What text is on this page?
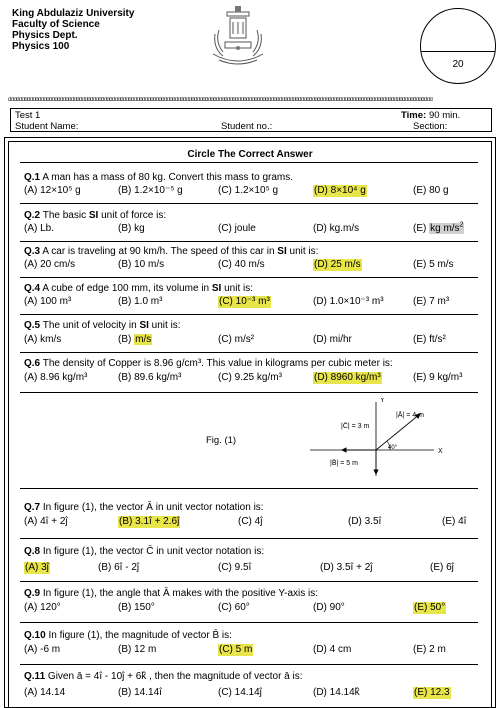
King Abdulaziz University
Faculty of Science
Physics Dept.
Physics 100
20
ddddddddddddddddddddddddddddddddddddddddddddddddddddddddddddddddddddddddddddddddddddddddddddddddddddddddddddddddddddddddddddddddddddddddddddddddddddddddddd
Test 1	Time: 90 min.
Student Name:	Student no.:	Section:
Circle The Correct Answer
Q.1 A man has a mass of 80 kg. Convert this mass to grams.
(A) 12×10⁵ g	(B) 1.2×10⁻⁵ g	(C) 1.2×10⁵ g	(D) 8×10⁴ g	(E) 80 g
Q.2 The basic SI unit of force is:
(A) Lb.	(B) kg	(C) joule	(D) kg.m/s	(E) kg $m/s^2$
Q.3 A car is traveling at 90 km/h. The speed of this car in SI unit is:
(A) 20 cm/s	(B) 10 m/s	(C) 40 m/s	(D) 25 m/s	(E) 5 m/s
Q.4 A cube of edge 100 mm, its volume in SI unit is:
(A) 100 m³	(B) 1.0 m³	(C) 10⁻³ m³	(D) 1.0×10⁻³ m³	(E) 7 m³
Q.5 The unit of velocity in SI unit is:
(A) km/s	(B) m/s	(C) m/s²	(D) mi/hr	(E) ft/s²
Q.6 The density of Copper is 8.96 g/cm³. This value in kilograms per cubic meter is:
(A) 8.96 kg/m³	(B) 89.6 kg/m³	(C) 9.25 kg/m³	(D) 8960 kg/m³	(E) 9 kg/m³
Fig. (1)
Y
X
|Ā| = 4 m
|C̄| = 3 m
|B̄| = 5 m
40°
Q.7 In figure (1), the vector Ā in unit vector notation is:
(A) 4î + 2ĵ	(B) 3.1î + 2.6ĵ	(C) 4ĵ	(D) 3.5î	(E) 4î
Q.8 In figure (1), the vector C̄ in unit vector notation is:
(A) 3ĵ	(B) 6î - 2ĵ	(C) 9.5î	(D) 3.5î + 2ĵ	(E) 6ĵ
Q.9 In figure (1), the angle that Ā makes with the positive Y-axis is:
(A) 120°	(B) 150°	(C) 60°	(D) 90°	(E) 50°
Q.10 In figure (1), the magnitude of vector B̄ is:
(A) -6 m	(B) 12 m	(C) 5 m	(D) 4 cm	(E) 2 m
Q.11 Given ā = 4î - 10ĵ + 6k̂ , then the magnitude of vector ā is:
(A) 14.14	(B) 14.14î	(C) 14.14ĵ	(D) 14.14k̂	(E) 12.3
